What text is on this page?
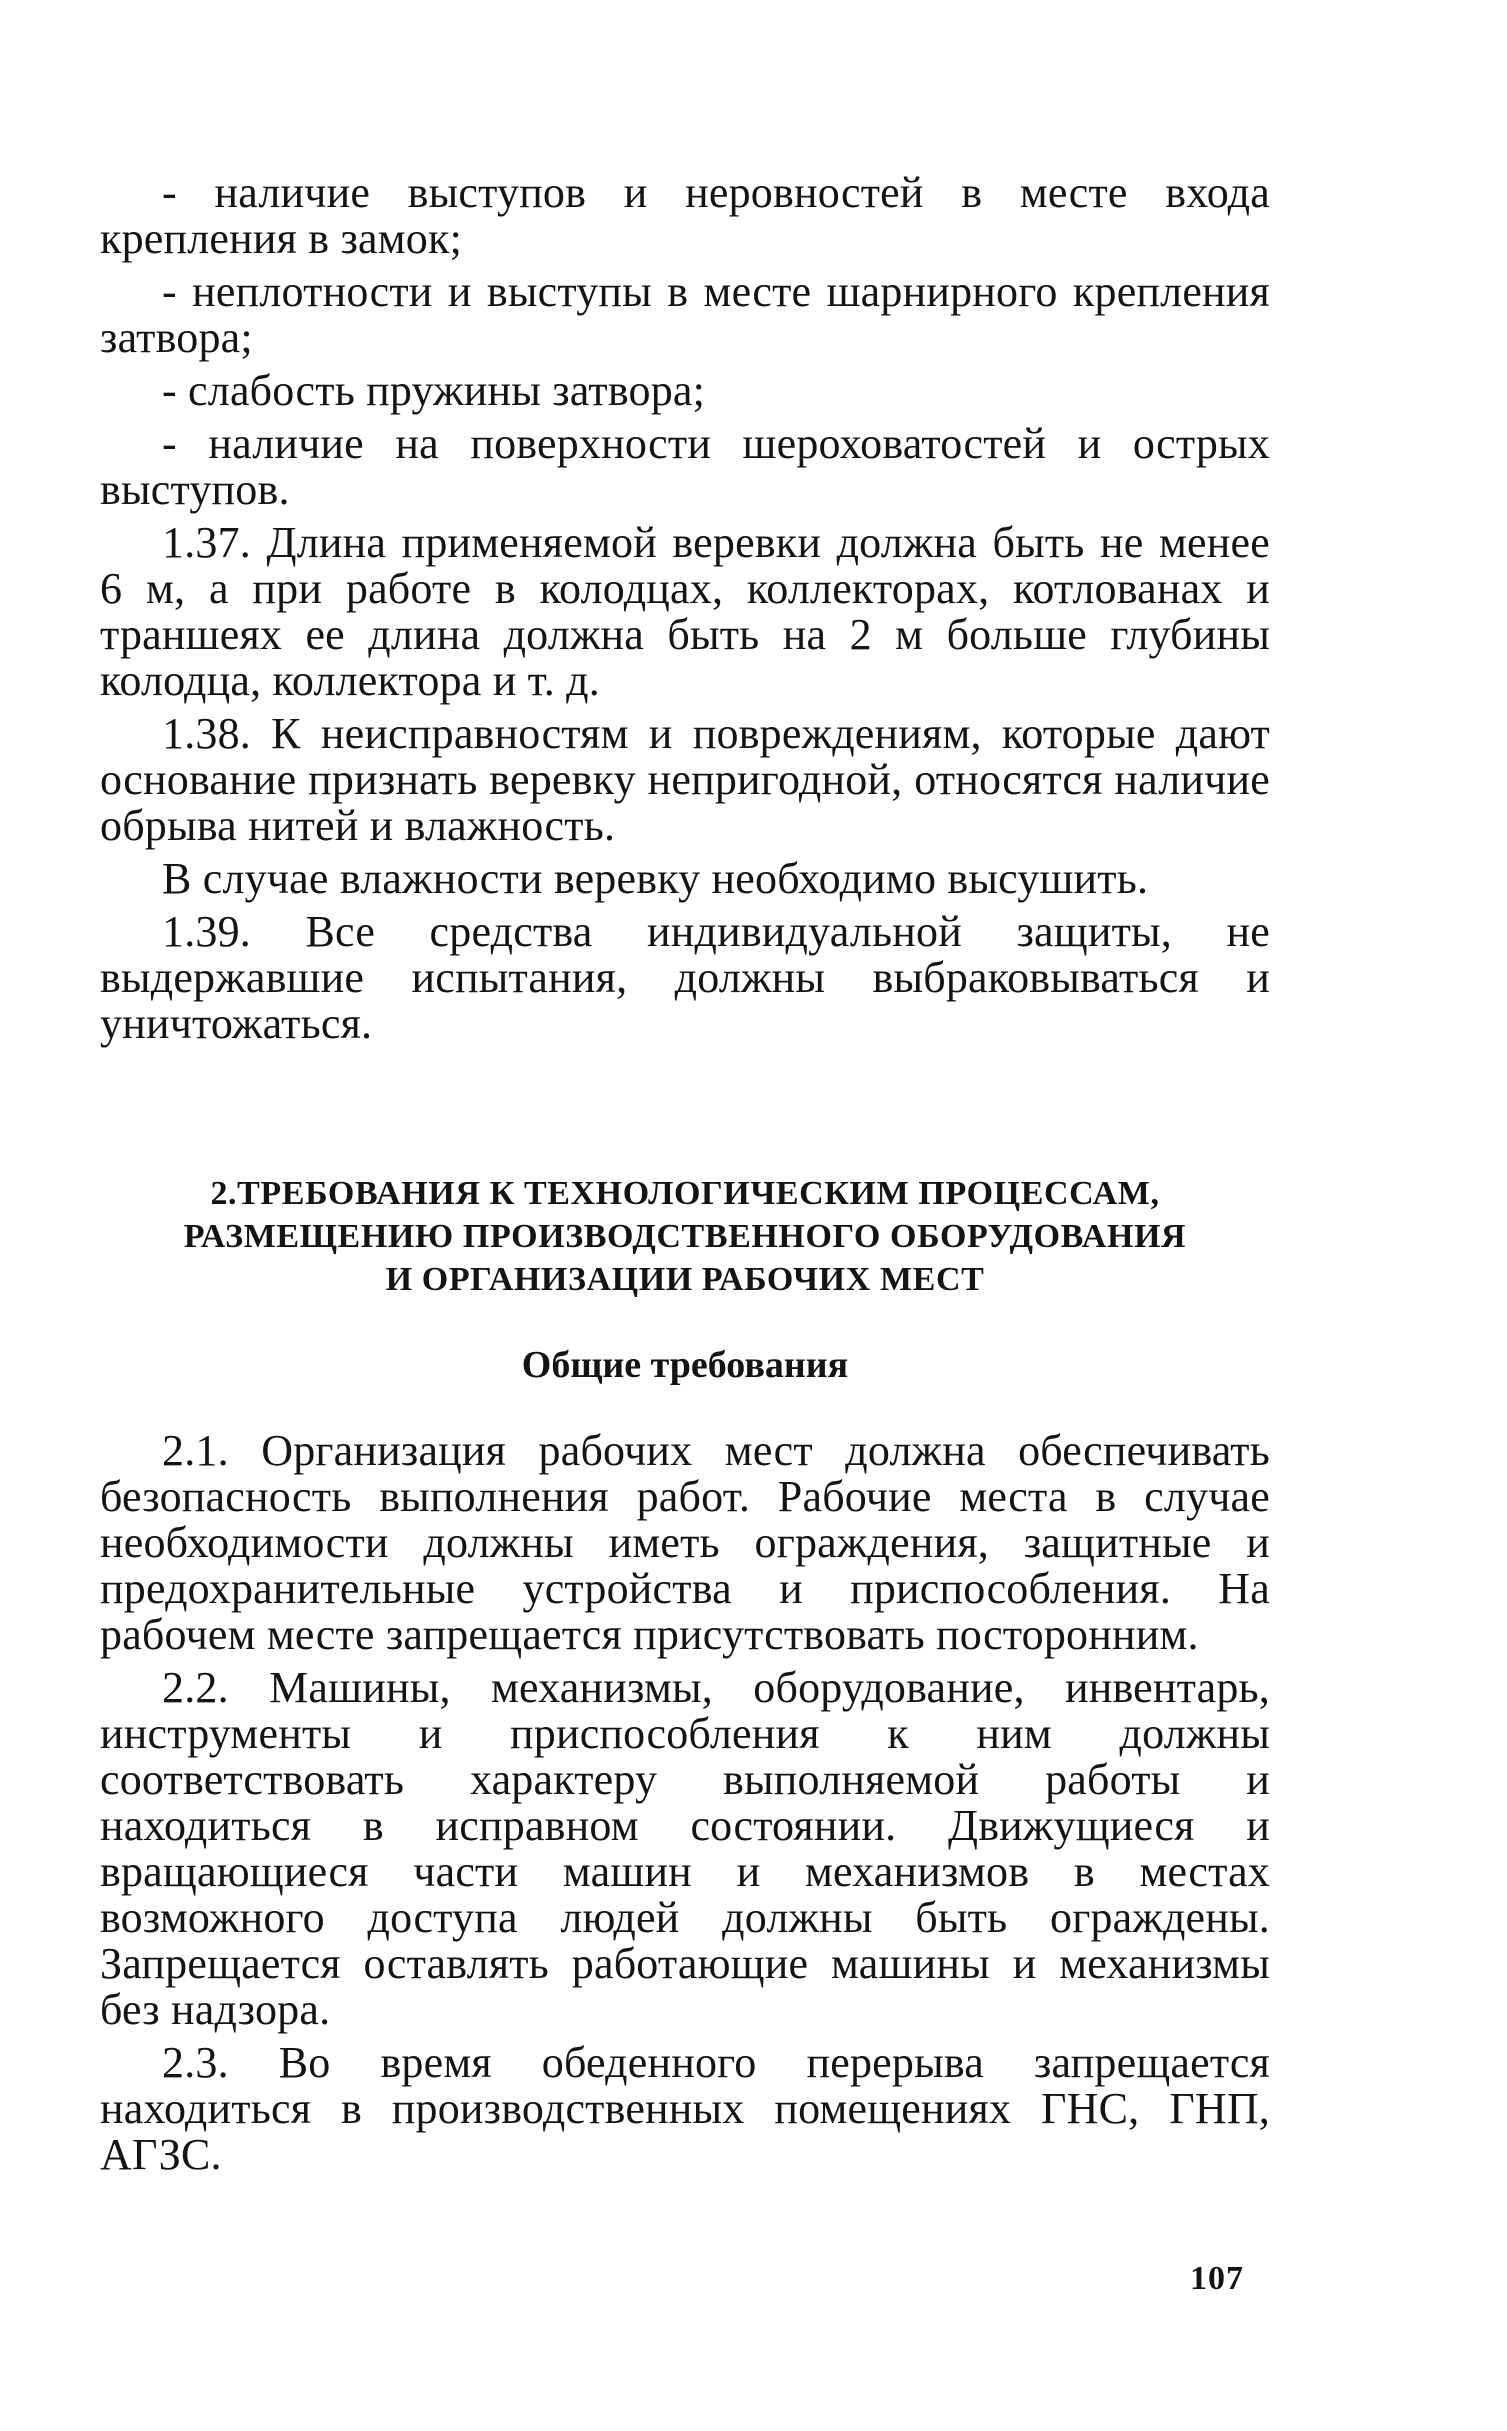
- наличие выступов и неровностей в месте входа крепления в замок;

- неплотности и выступы в месте шарнирного крепления затвора;

- слабость пружины затвора;

- наличие на поверхности шероховатостей и острых выступов.

1.37. Длина применяемой веревки должна быть не менее 6 м, а при работе в колодцах, коллекторах, котлованах и траншеях ее длина должна быть на 2 м больше глубины колодца, коллектора и т. д.

1.38. К неисправностям и повреждениям, которые дают основание признать веревку непригодной, относятся наличие обрыва нитей и влажность.

В случае влажности веревку необходимо высушить.

1.39. Все средства индивидуальной защиты, не выдержавшие испытания, должны выбраковываться и уничтожаться.

2.ТРЕБОВАНИЯ К ТЕХНОЛОГИЧЕСКИМ ПРОЦЕССАМ,
РАЗМЕЩЕНИЮ ПРОИЗВОДСТВЕННОГО ОБОРУДОВАНИЯ
И ОРГАНИЗАЦИИ РАБОЧИХ МЕСТ
Общие требования

2.1. Организация рабочих мест должна обеспечивать безопасность выполнения работ. Рабочие места в случае необходимости должны иметь ограждения, защитные и предохранительные устройства и приспособления. На рабочем месте запрещается присутствовать посторонним.

2.2. Машины, механизмы, оборудование, инвентарь, инструменты и приспособления к ним должны соответствовать характеру выполняемой работы и находиться в исправном состоянии. Движущиеся и вращающиеся части машин и механизмов в местах возможного доступа людей должны быть ограждены. Запрещается оставлять работающие машины и механизмы без надзора.

2.3. Во время обеденного перерыва запрещается находиться в производственных помещениях ГНС, ГНП, АГЗС.

107
